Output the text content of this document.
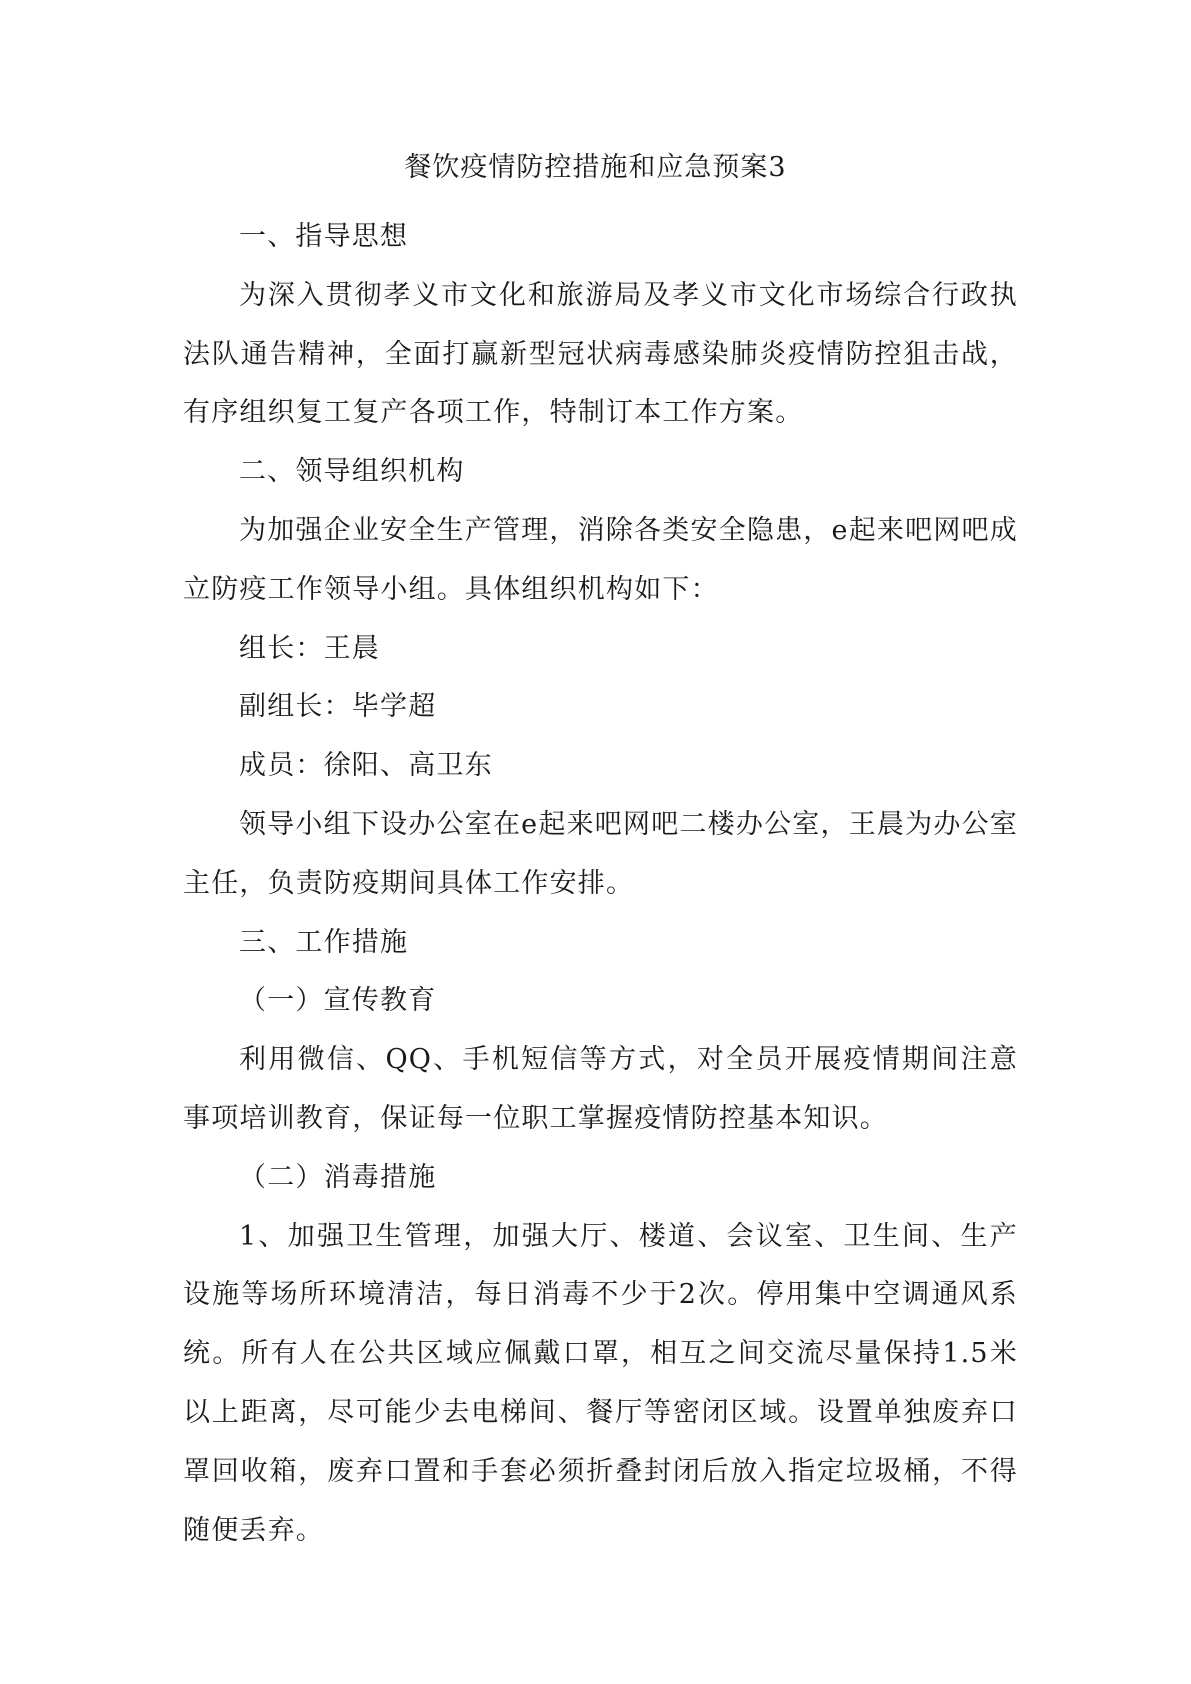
餐饮疫情防控措施和应急预案3

一、指导思想

为深入贯彻孝义市文化和旅游局及孝义市文化市场综合行政执法队通告精神，全面打赢新型冠状病毒感染肺炎疫情防控狙击战，有序组织复工复产各项工作，特制订本工作方案。

二、领导组织机构

为加强企业安全生产管理，消除各类安全隐患，e起来吧网吧成立防疫工作领导小组。具体组织机构如下：

组长：王晨

副组长：毕学超

成员：徐阳、高卫东

领导小组下设办公室在e起来吧网吧二楼办公室，王晨为办公室主任，负责防疫期间具体工作安排。

三、工作措施

（一）宣传教育

利用微信、QQ、手机短信等方式，对全员开展疫情期间注意事项培训教育，保证每一位职工掌握疫情防控基本知识。

（二）消毒措施

1、加强卫生管理，加强大厅、楼道、会议室、卫生间、生产设施等场所环境清洁，每日消毒不少于2次。停用集中空调通风系统。所有人在公共区域应佩戴口罩，相互之间交流尽量保持1.5米以上距离，尽可能少去电梯间、餐厅等密闭区域。设置单独废弃口罩回收箱，废弃口置和手套必须折叠封闭后放入指定垃圾桶，不得随便丢弃。
